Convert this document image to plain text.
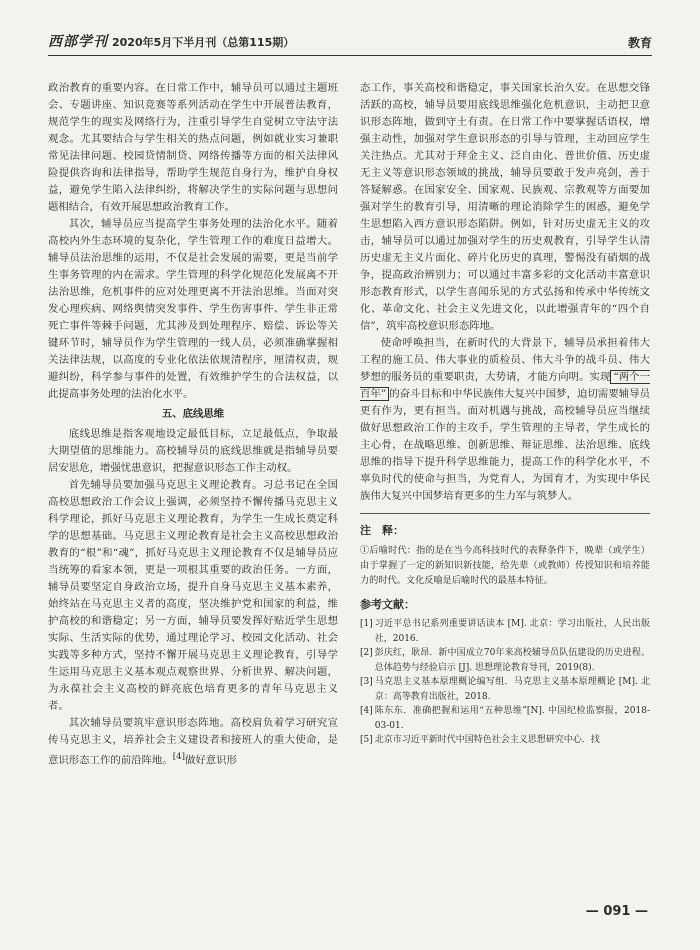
西部学刊 2020年5月下半月刊（总第115期）	教育

政治教育的重要内容。在日常工作中，辅导员可以通过主题班会、专题讲座、知识竞赛等系列活动在学生中开展普法教育，规范学生的现实及网络行为，注重引导学生自觉树立守法守法观念。尤其要结合与学生相关的热点问题，例如就业实习兼职常见法律问题、校园贷情制贷、网络传播等方面的相关法律风险提供咨询和法律指导，帮助学生规范自身行为，维护自身权益，避免学生陷入法律纠纷，将解决学生的实际问题与思想问题相结合，有效开展思想政治教育工作。

其次，辅导员应当提高学生事务处理的法治化水平。随着高校内外生态环境的复杂化，学生管理工作的难度日益增大。辅导员法治思维的运用，不仅是社会发展的需要，更是当前学生事务管理的内在需求。学生管理的科学化规范化发展离不开法治思维，危机事件的应对处理更离不开法治思维。当面对突发心理疾病、网络舆情突发事件、学生伤害事件、学生非正常死亡事件等棘手问题，尤其涉及到处理程序、赔偿、诉讼等关键环节时，辅导员作为学生管理的一线人员，必须准确掌握相关法律法规，以高度的专业化依法依规清程序，厘清权责，规避纠纷，科学参与事件的处置，有效维护学生的合法权益，以此提高事务处理的法治化水平。

五、底线思维

底线思维是指客观地设定最低目标，立足最低点，争取最大期望值的思维能力。高校辅导员的底线思维就是指辅导员要居安思危，增强忧患意识，把握意识形态工作主动权。

首先辅导员要加强马克思主义理论教育。习总书记在全国高校思想政治工作会议上强调，必须坚持不懈传播马克思主义科学理论，抓好马克思主义理论教育，为学生一生成长奠定科学的思想基础。马克思主义理论教育是社会主义高校思想政治教育的“根”和“魂”，抓好马克思主义理论教育不仅是辅导员应当统筹的看家本领，更是一项根其重要的政治任务。一方面，辅导员要坚定自身政治立场，提升自身马克思主义基本素养，始终站在马克思主义者的高度，坚决维护党和国家的利益，维护高校的和谐稳定；另一方面，辅导员要发挥好贴近学生思想实际、生活实际的优势，通过理论学习、校园文化活动、社会实践等多种方式，坚持不懈开展马克思主义理论教育，引导学生运用马克思主义基本观点观察世界、分析世界、解决问题，为永葆社会主义高校的鲜亮底色培育更多的青年马克思主义者。

其次辅导员要筑牢意识形态阵地。高校肩负着学习研究宣传马克思主义，培养社会主义建设者和接班人的重大使命，是意识形态工作的前沿阵地。[4]做好意识形

态工作，事关高校和谐稳定，事关国家长治久安。在思想交锋活跃的高校，辅导员要用底线思维强化危机意识，主动把卫意识形态阵地，做到守土有责。在日常工作中要掌握话语权，增强主动性，加强对学生意识形态的引导与管理，主动回应学生关注热点。尤其对于拜金主义、泛自由化、普世价值、历史虚无主义等意识形态领域的挑战，辅导员要敢于发声亮剑，善于答疑解惑。在国家安全、国家观、民族观、宗教观等方面要加强对学生的教育引导，用清晰的理论消除学生的困惑，避免学生思想陷入西方意识形态陷阱。例如，针对历史虚无主义的攻击，辅导员可以通过加强对学生的历史观教育，引导学生认清历史虚无主义片面化、碎片化历史的真理，警惕没有硝烟的战争，提高政治辨别力；可以通过丰富多彩的文化活动丰富意识形态教育形式，以学生喜闻乐见的方式弘扬和传承中华传统文化、革命文化、社会主义先进文化，以此增强青年的“四个自信”，筑牢高校意识形态阵地。

使命呼唤担当，在新时代的大背景下，辅导员承担着伟大工程的施工员、伟大事业的质检员、伟大斗争的战斗员、伟大梦想的服务员的重要职责，大势请，才能方向明。实现 “两个一百年” 的奋斗目标和中华民族伟大复兴中国梦，迫切需要辅导员更有作为，更有担当。面对机遇与挑战，高校辅导员应当继续做好思想政治工作的主攻手，学生管理的主导者，学生成长的主心骨，在战略思维、创新思维、辩证思维、法治思维、底线思维的指导下提升科学思维能力，提高工作的科学化水平，不辜负时代的使命与担当，为党育人，为国育才，为实现中华民族伟大复兴中国梦培育更多的生力军与筑梦人。

注　释：

①后喻时代：指的是在当今高科技时代的表释条件下，晚辈（或学生）由于掌握了一定的新知识新技能，给先辈（或教师）传授知识和培养能力的时代。文化反喻是后喻时代的最基本特征。

参考文献：
[1] 习近平总书记系列重要讲话读本 [M]. 北京：学习出版社，人民出版社，2016.
[2] 彭庆红，耿昂．新中国成立70年来高校辅导员队伍建设的历史进程、总体趋势与经验启示 [J]. 思想理论教育导刊，2019(8).
[3] 马克思主义基本原理概论编写组．马克思主义基本原理概论 [M]. 北京：高等教育出版社，2018.
[4] 陈东东．准确把握和运用“五种思维”[N]. 中国纪检监察报，2018-03-01.
[5] 北京市习近平新时代中国特色社会主义思想研究中心．找
— 091 —
